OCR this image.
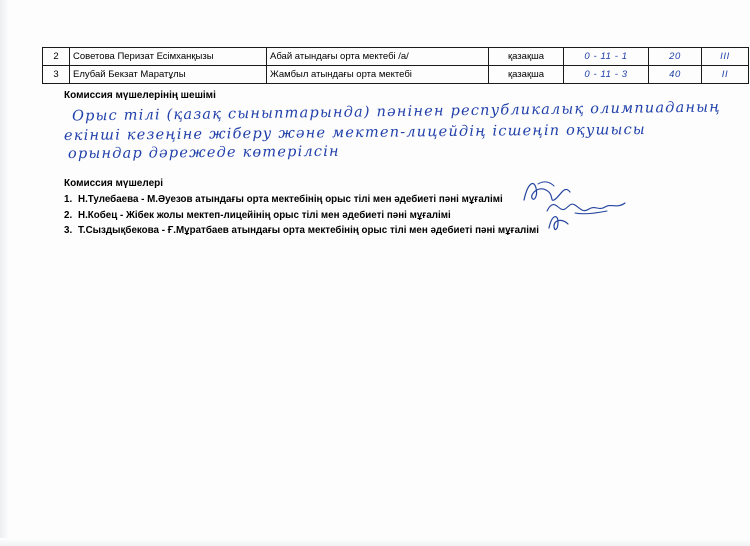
2	Советова Перизат Есімханқызы	Абай атындағы орта мектебі /а/	қазақша	0 - 11 - 1	20	III
3	Елубай Бекзат Маратұлы	Жамбыл атындағы орта мектебі	қазақша	0 - 11 - 3	40	II
Комиссия мүшелерінің шешімі
Орыс тілі (қазақ сыныптарында) пәнінен республикалық олимпиаданың
екінші кезеңіне жіберу және мектеп-лицейдің ісшеңіп оқушысы
орындар дәрежеде көтерілсін
Комиссия мүшелері
1. Н.Тулебаева - М.Әуезов атындағы орта мектебінің орыс тілі мен әдебиеті пәні мұғалімі
2. Н.Кобец - Жібек жолы мектеп-лицейінің орыс тілі мен әдебиеті пәні мұғалімі
3. Т.Сыздықбекова - Ғ.Мұратбаев атындағы орта мектебінің орыс тілі мен әдебиеті пәні мұғалімі
